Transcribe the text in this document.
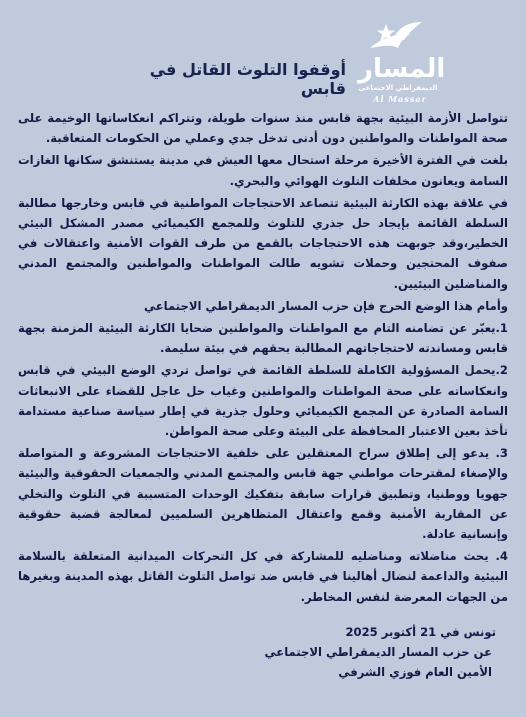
المسار
الديمقراطي الاجتماعي
Al Massar
أوقفوا التلوث القاتل في قابس

تتواصل الأزمة البيئية بجهة قابس منذ سنوات طويلة، وتتراكم انعكاساتها الوخيمة على صحة المواطنات والمواطنين دون أدنى تدخل جدي وعملي من الحكومات المتعاقبة.

بلغت في الفترة الأخيرة مرحلة استحال معها العيش في مدينة يستنشق سكانها الغازات السامة ويعانون مخلفات التلوث الهوائي والبحري.

في علاقة بهذه الكارثة البيئية تتصاعد الاحتجاجات المواطنية في قابس وخارجها مطالبة السلطة القائمة بإيجاد حل جذري للتلوث وللمجمع الكيميائي مصدر المشكل البيئي الخطير،وقد جوبهت هذه الاحتجاجات بالقمع من طرف القوات الأمنية واعتقالات في صفوف المحتجين وحملات تشويه طالت المواطنات والمواطنين والمجتمع المدني والمناضلين البيئيين.

وأمام هذا الوضع الحرج فإن حزب المسار الديمقراطي الاجتماعي

1.يعبّر عن تضامنه التام مع المواطنات والمواطنين ضحايا الكارثة البيئية المزمنة بجهة قابس ومساندته لاحتجاجاتهم المطالبة بحقهم في بيئة سليمة.

2.يحمل المسؤولية الكاملة للسلطة القائمة في تواصل تردي الوضع البيئي في قابس وانعكاساته على صحة المواطنات والمواطنين وغياب حل عاجل للقضاء على الانبعاثات السامة الصادرة عن المجمع الكيميائي وحلول جذرية في إطار سياسة صناعية مستدامة تأخذ بعين الاعتبار المحافظة على البيئة وعلى صحة المواطن.

3. يدعو إلى إطلاق سراح المعتقلين على خلفية الاحتجاجات المشروعة و المتواصلة والإصغاء لمقترحات مواطني جهة قابس والمجتمع المدني والجمعيات الحقوقية والبيئية جهويا ووطنيا، وتطبيق قرارات سابقة بتفكيك الوحدات المتسببة في التلوث والتخلي عن المقاربة الأمنية وقمع واعتقال المتظاهرين السلميين لمعالجة قضية حقوقية وإنسانية عادلة.

4. يحث مناضلاته ومناضليه للمشاركة في كل التحركات الميدانية المتعلقة بالسلامة البيئية والداعمة لنضال أهالينا في قابس ضد تواصل التلوث القاتل بهذه المدينة وبغيرها من الجهات المعرضة لنفس المخاطر.

تونس في 21 أكتوبر 2025
عن حزب المسار الديمقراطي الاجتماعي
الأمين العام فوزي الشرفي
